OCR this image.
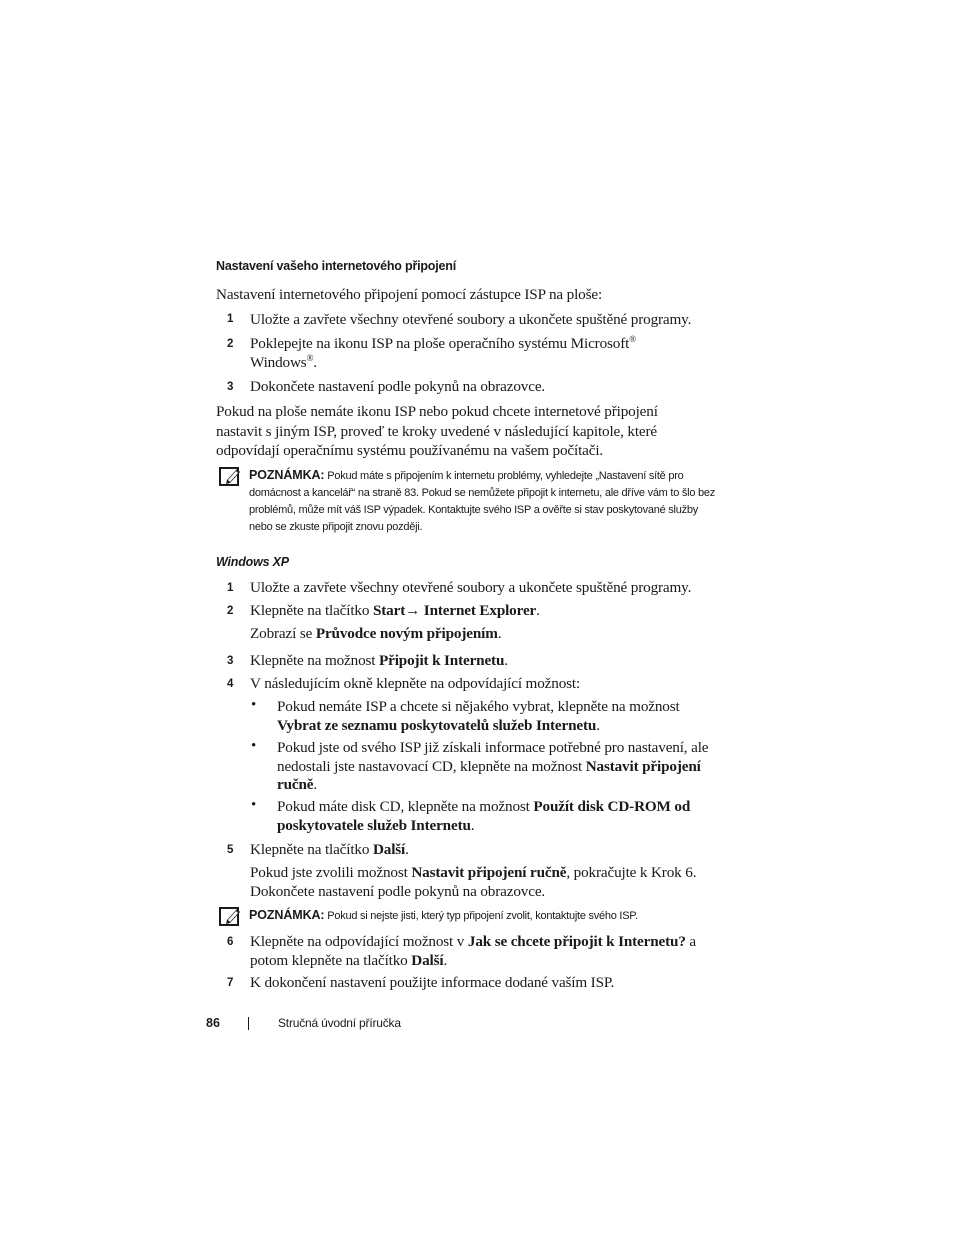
Nastavení vašeho internetového připojení
Nastavení internetového připojení pomocí zástupce ISP na ploše:
1 Uložte a zavřete všechny otevřené soubory a ukončete spuštěné programy.
2 Poklepejte na ikonu ISP na ploše operačního systému Microsoft®
Windows®.
3 Dokončete nastavení podle pokynů na obrazovce.
Pokud na ploše nemáte ikonu ISP nebo pokud chcete internetové připojení nastavit s jiným ISP, proveď te kroky uvedené v následující kapitole, které odpovídají operačnímu systému používanému na vašem počítači.
POZNÁMKA: Pokud máte s připojením k internetu problémy, vyhledejte „Nastavení sítě pro domácnost a kancelář“ na straně 83. Pokud se nemůžete připojit k internetu, ale dříve vám to šlo bez problémů, může mít váš ISP výpadek. Kontaktujte svého ISP a ověřte si stav poskytované služby nebo se zkuste připojit znovu později.
Windows XP
1 Uložte a zavřete všechny otevřené soubory a ukončete spuštěné programy.
2 Klepněte na tlačítko Start→ Internet Explorer.
Zobrazí se Průvodce novým připojením.
3 Klepněte na možnost Připojit k Internetu.
4 V následujícím okně klepněte na odpovídající možnost:
• Pokud nemáte ISP a chcete si nějakého vybrat, klepněte na možnost Vybrat ze seznamu poskytovatelů služeb Internetu.
• Pokud jste od svého ISP již získali informace potřebné pro nastavení, ale nedostali jste nastavovací CD, klepněte na možnost Nastavit připojení ručně.
• Pokud máte disk CD, klepněte na možnost Použít disk CD-ROM od poskytovatele služeb Internetu.
5 Klepněte na tlačítko Další.
Pokud jste zvolili možnost Nastavit připojení ručně, pokračujte k Krok 6. Dokončete nastavení podle pokynů na obrazovce.
POZNÁMKA: Pokud si nejste jisti, který typ připojení zvolit, kontaktujte svého ISP.
6 Klepněte na odpovídající možnost v Jak se chcete připojit k Internetu? a potom klepněte na tlačítko Další.
7 K dokončení nastavení použijte informace dodané vaším ISP.
86	Stručná úvodní příručka
